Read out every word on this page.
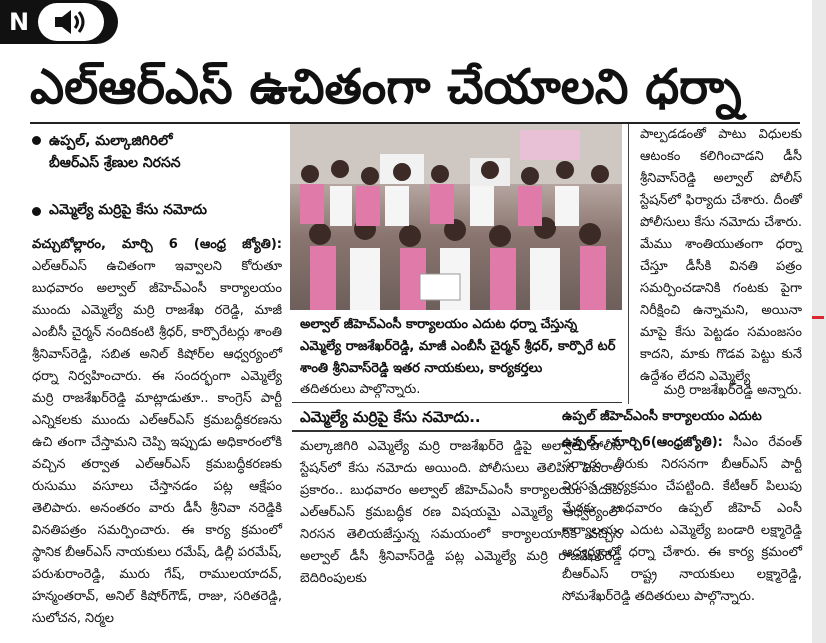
N
ఎల్ఆర్ఎస్ ఉచితంగా చేయాలని ధర్నా
ఉప్పల్, మల్కాజిగిరిలో
బీఆర్ఎస్ శ్రేణుల నిరసన
ఎమ్మెల్యే మర్రిపై కేసు నమోదు
వచ్చుబోల్లారం, మార్చి 6 (ఆంధ్ర జ్యోతి): ఎల్ఆర్ఎస్ ఉచితంగా ఇవ్వాలని కోరుతూ బుధవారం అల్వాల్ జీహెచ్ఎంసీ కార్యాలయం ముందు ఎమ్మెల్యే మర్రి రాజశేఖ రరెడ్డి, మాజీ ఎంబీసీ చైర్మన్ నందికంటి శ్రీధర్, కార్పొరేటర్లు శాంతి శ్రీనివాస్‌రెడ్డి, సబిత అనిల్ కిషోర్‌ల ఆధ్వర్యంలో ధర్నా నిర్వహించారు. ఈ సందర్భంగా ఎమ్మెల్యే మర్రి రాజశేఖర్‌రెడ్డి మాట్లాడుతూ.. కాంగ్రెస్ పార్టీ ఎన్నికలకు ముందు ఎల్ఆర్ఎస్ క్రమబద్ధీకరణను ఉచి తంగా చేస్తామని చెప్పి ఇప్పుడు అధికారంలోకి వచ్చిన తర్వాత ఎల్ఆర్ఎస్ క్రమబద్ధీకరణకు రుసుము వసూలు చేస్తానడం పట్ల ఆక్షేపం తెలిపారు. అనంతరం వారు డీసీ శ్రీనివా నరెడ్డికి వినతిపత్రం సమర్పించారు. ఈ కార్య క్రమంలో స్థానిక బీఆర్ఎస్ నాయకులు రమేష్, డిల్లీ పరమేష్, పరుశురాంరెడ్డి, మురు గేష్, రాములయాదవ్, హన్మంతరావ్, అనిల్ కిషోర్‌గౌడ్, రాజు, సరితరెడ్డి, సులోచన, నిర్మల
అల్వాల్ జీహెచ్ఎంసీ కార్యాలయం ఎదుట ధర్నా చేస్తున్న ఎమ్మెల్యే రాజశేఖర్‌రెడ్డి, మాజీ ఎంబీసీ చైర్మన్ శ్రీధర్, కార్పొరే టర్ శాంతి శ్రీనివాస్‌రెడ్డి ఇతర నాయకులు, కార్యకర్తలు
తదితరులు పాల్గొన్నారు.
ఎమ్మెల్యే మర్రిపై కేసు నమోదు..
మల్కాజిగిరి ఎమ్మెల్యే మర్రి రాజశేఖర్‌రె డ్డిపై అల్వాల్ పోలీస్ స్టేషన్‌లో కేసు నమోదు అయింది. పోలీసులు తెలిపిన వివరాల ప్రకారం.. బుధవారం అల్వాల్ జీహెచ్ఎంసీ కార్యాలయం ఎదుట ఎల్ఆర్ఎస్ క్రమబద్ధీక రణ విషయమై ఎమ్మెల్యే ఆధ్వర్యంలో నిరసన తెలియజేస్తున్న సమయంలో కార్యాలయానికి వచ్చిన అల్వాల్ డీసీ శ్రీనివాస్‌రెడ్డి పట్ల ఎమ్మెల్యే మర్రి రాజశేఖర్‌రెడ్డి బెదిరింపులకు
పాల్పడడంతో పాటు విధులకు ఆటంకం కలిగించాడని డీసీ శ్రీనివాస్‌రెడ్డి అల్వాల్ పోలీస్ స్టేషన్‌లో ఫిర్యాదు చేశారు. దీంతో పోలీసులు కేసు నమోదు చేశారు. మేము శాంతియుతంగా ధర్నా చేస్తూ డీసీకి వినతి పత్రం సమర్పించడానికి గంటకు పైగా నిరీక్షించి ఉన్నామని, అయినా మాపై కేసు పెట్టడం సమంజసం కాదని, మాకు గొడవ పెట్టు కునే ఉద్దేశం లేదని ఎమ్మెల్యే
మర్రి రాజశేఖర్‌రెడ్డి అన్నారు.
ఉప్పల్ జీహెచ్ఎంసీ కార్యాలయం ఎదుట
ఉప్పల్, మార్చి6(ఆంధ్రజ్యోతి): సీఎం రేవంత్ సర్కారు తీరుకు నిరసనగా బీఆర్ఎస్ పార్టీ నిరసన కార్యక్రమం చేపట్టింది. కేటీఆర్ పిలుపు మేరకు బుధవారం ఉప్పల్ జీహెచ్ ఎంసీ కార్యాలయం ఎదుట ఎమ్మెల్యే బండారి లక్ష్మారెడ్డి ఆధ్వర్యంలో ధర్నా చేశారు. ఈ కార్య క్రమంలో బీఆర్ఎస్ రాష్ట్ర నాయకులు లక్ష్మారెడ్డి, సోమశేఖర్‌రెడ్డి తదితరులు పాల్గొన్నారు.
